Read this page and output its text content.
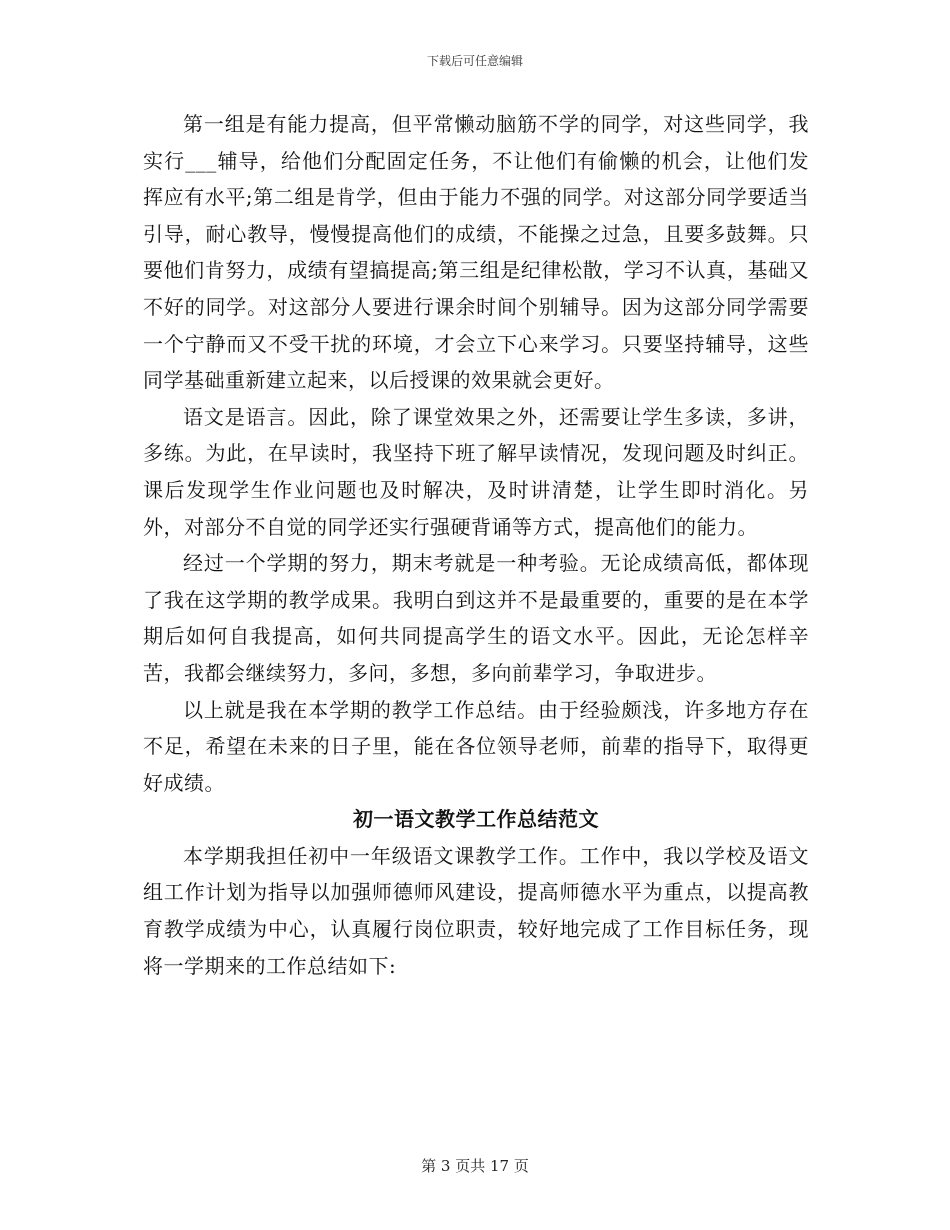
下载后可任意编辑

第一组是有能力提高，但平常懒动脑筋不学的同学，对这些同学，我实行___辅导，给他们分配固定任务，不让他们有偷懒的机会，让他们发挥应有水平;第二组是肯学，但由于能力不强的同学。对这部分同学要适当引导，耐心教导，慢慢提高他们的成绩，不能操之过急，且要多鼓舞。只要他们肯努力，成绩有望搞提高;第三组是纪律松散，学习不认真，基础又不好的同学。对这部分人要进行课余时间个别辅导。因为这部分同学需要一个宁静而又不受干扰的环境，才会立下心来学习。只要坚持辅导，这些同学基础重新建立起来，以后授课的效果就会更好。

语文是语言。因此，除了课堂效果之外，还需要让学生多读，多讲，多练。为此，在早读时，我坚持下班了解早读情况，发现问题及时纠正。课后发现学生作业问题也及时解决，及时讲清楚，让学生即时消化。另外，对部分不自觉的同学还实行强硬背诵等方式，提高他们的能力。

经过一个学期的努力，期末考就是一种考验。无论成绩高低，都体现了我在这学期的教学成果。我明白到这并不是最重要的，重要的是在本学期后如何自我提高，如何共同提高学生的语文水平。因此，无论怎样辛苦，我都会继续努力，多问，多想，多向前辈学习，争取进步。

以上就是我在本学期的教学工作总结。由于经验颇浅，许多地方存在不足，希望在未来的日子里，能在各位领导老师，前辈的指导下，取得更好成绩。

初一语文教学工作总结范文

本学期我担任初中一年级语文课教学工作。工作中，我以学校及语文组工作计划为指导以加强师德师风建设，提高师德水平为重点，以提高教育教学成绩为中心，认真履行岗位职责，较好地完成了工作目标任务，现将一学期来的工作总结如下:

第 3 页共 17 页
